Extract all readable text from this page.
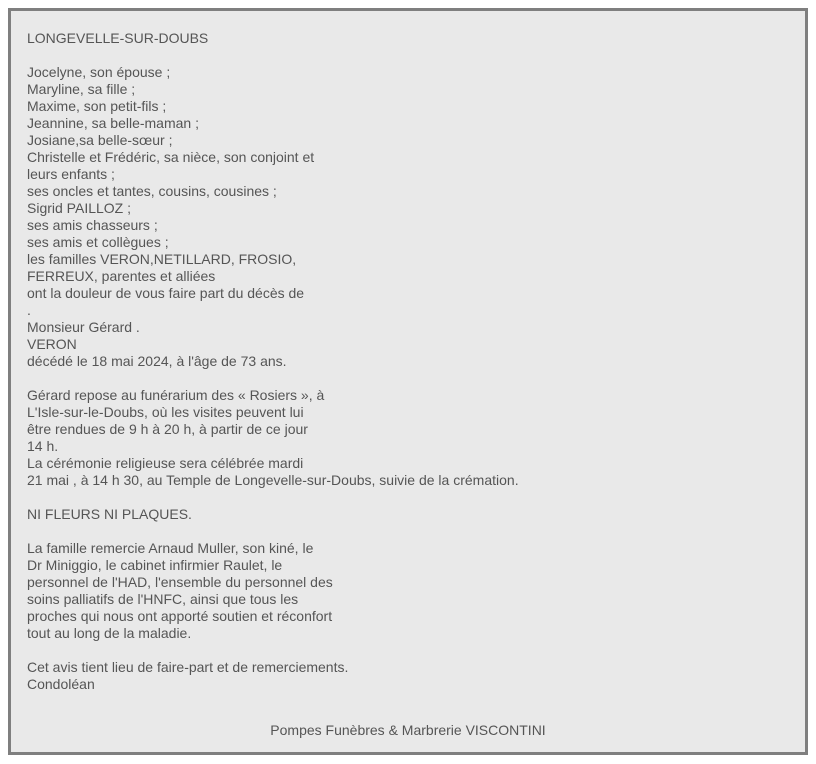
LONGEVELLE-SUR-DOUBS
Jocelyne, son épouse ;
Maryline, sa fille ;
Maxime, son petit-fils ;
Jeannine, sa belle-maman ;
Josiane,sa belle-sœur ;
Christelle et Frédéric, sa nièce, son conjoint et
leurs enfants ;
ses oncles et tantes, cousins, cousines ;
Sigrid PAILLOZ ;
ses amis chasseurs ;
ses amis et collègues ;
les familles VERON,NETILLARD, FROSIO,
FERREUX, parentes et alliées
ont la douleur de vous faire part du décès de
.
Monsieur Gérard .
VERON
décédé le 18 mai 2024, à l'âge de 73 ans.
Gérard repose au funérarium des « Rosiers », à
L'Isle-sur-le-Doubs, où les visites peuvent lui
être rendues de 9 h à 20 h, à partir de ce jour
14 h.
La cérémonie religieuse sera célébrée mardi
21 mai , à 14 h 30, au Temple de Longevelle-sur-Doubs, suivie de la crémation.
NI FLEURS NI PLAQUES.
La famille remercie Arnaud Muller, son kiné, le
Dr Miniggio, le cabinet infirmier Raulet, le
personnel de l'HAD, l'ensemble du personnel des
soins palliatifs de l'HNFC, ainsi que tous les
proches qui nous ont apporté soutien et réconfort
tout au long de la maladie.
Cet avis tient lieu de faire-part et de remerciements.
Condoléan
Pompes Funèbres & Marbrerie VISCONTINI
